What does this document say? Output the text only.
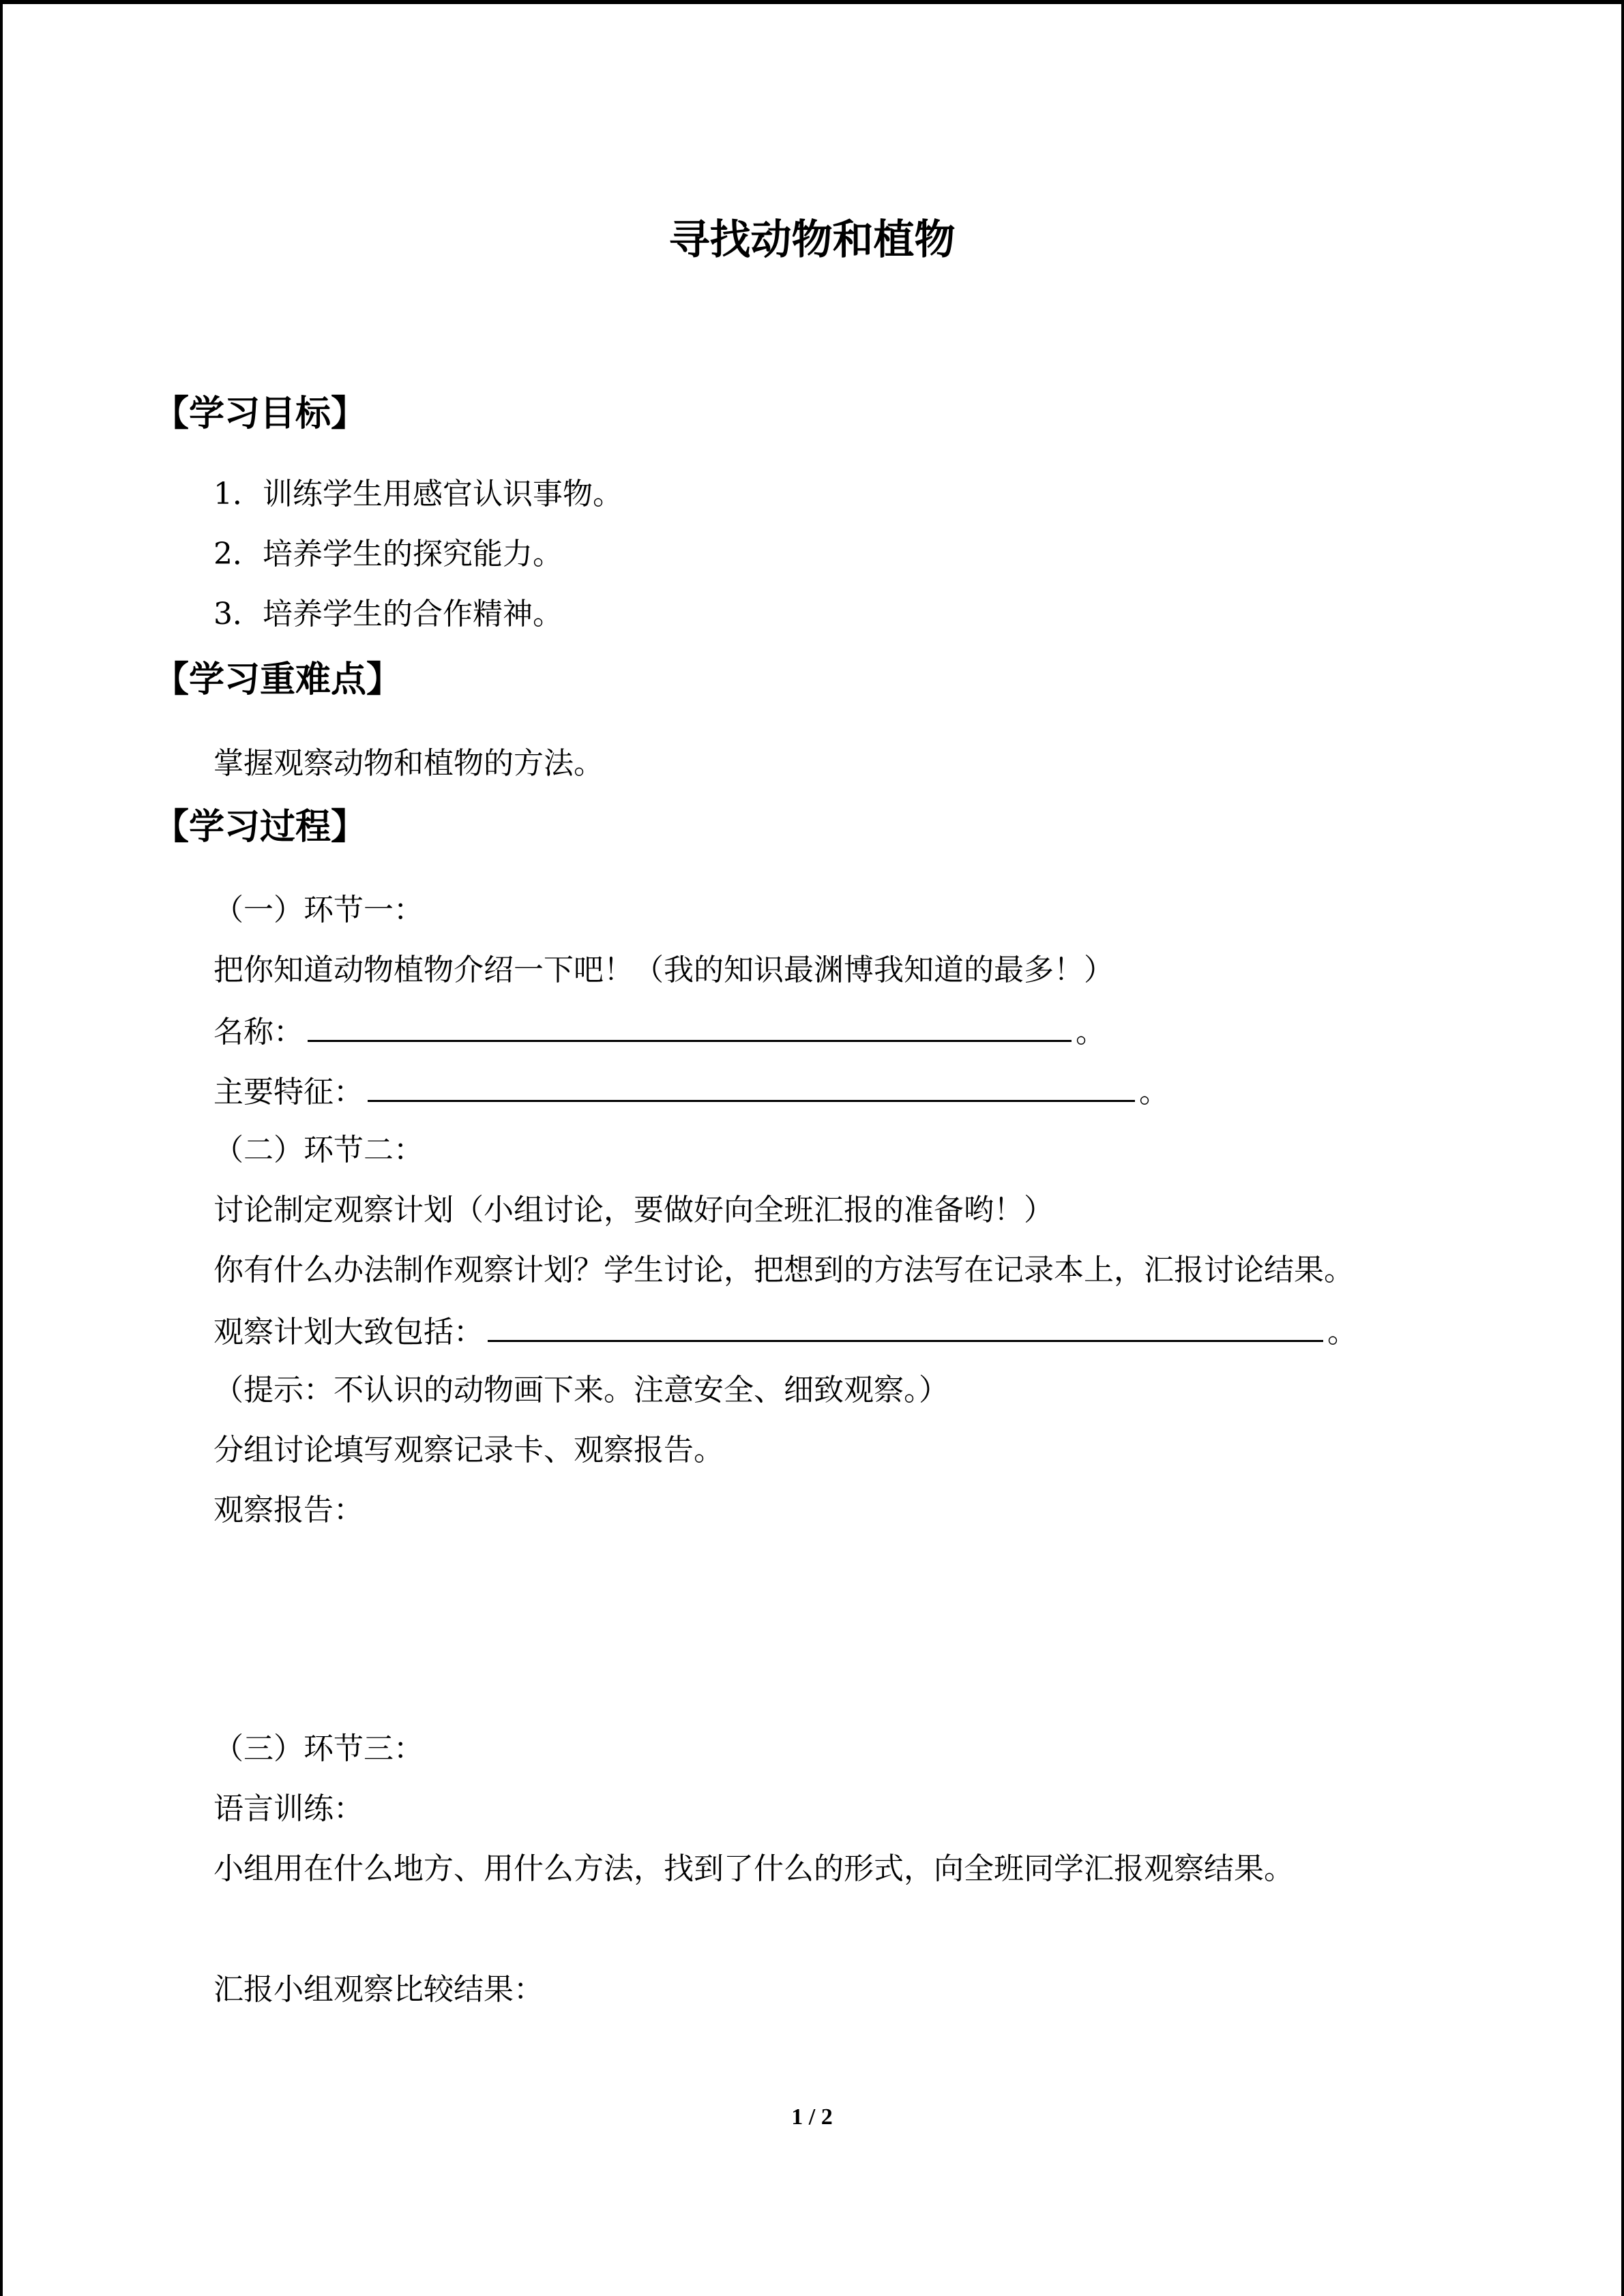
寻找动物和植物
【学习目标】
1．训练学生用感官认识事物。
2．培养学生的探究能力。
3．培养学生的合作精神。
【学习重难点】
掌握观察动物和植物的方法。
【学习过程】
（一）环节一：
把你知道动物植物介绍一下吧！（我的知识最渊博我知道的最多！）
名称：	。
主要特征：	。
（二）环节二：
讨论制定观察计划（小组讨论，要做好向全班汇报的准备哟！）
你有什么办法制作观察计划？学生讨论，把想到的方法写在记录本上，汇报讨论结果。
观察计划大致包括：	。
（提示：不认识的动物画下来。注意安全、细致观察。）
分组讨论填写观察记录卡、观察报告。
观察报告：
（三）环节三：
语言训练：
小组用在什么地方、用什么方法，找到了什么的形式，向全班同学汇报观察结果。
汇报小组观察比较结果：
1 / 2
